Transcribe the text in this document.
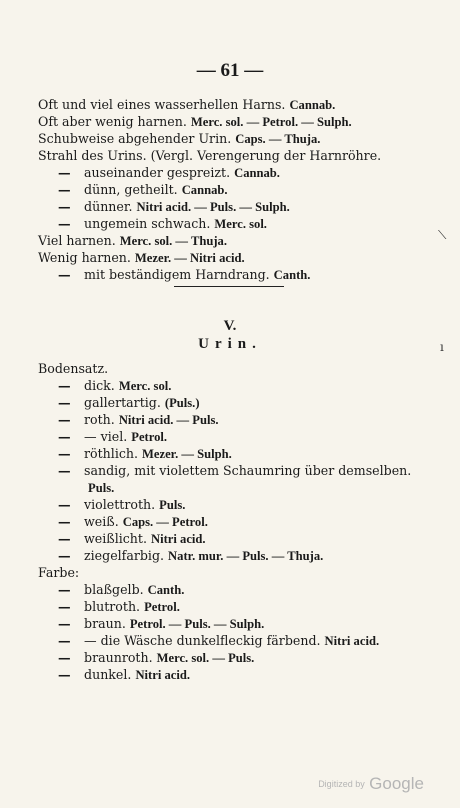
— 61 —
Oft und viel eines wasserhellen Harns. Cannab.
Oft aber wenig harnen. Merc. sol. — Petrol. — Sulph.
Schubweise abgehender Urin. Caps. — Thuja.
Strahl des Urins. (Vergl. Verengerung der Harnröhre.
— auseinander gespreizt. Cannab.
— dünn, getheilt. Cannab.
— dünner. Nitri acid. — Puls. — Sulph.
— ungemein schwach. Merc. sol.
Viel harnen. Merc. sol. — Thuja.
Wenig harnen. Mezer. — Nitri acid.
— mit beständigem Harndrang. Canth.
V.
Urin.
Bodensatz.
— dick. Merc. sol.
— gallertartig. (Puls.)
— roth. Nitri acid. — Puls.
— — viel. Petrol.
— röthlich. Mezer. — Sulph.
— sandig, mit violettem Schaumring über demselben.
Puls.
— violettroth. Puls.
— weiß. Caps. — Petrol.
— weißlicht. Nitri acid.
— ziegelfarbig. Natr. mur. — Puls. — Thuja.
Farbe:
— blaßgelb. Canth.
— blutroth. Petrol.
— braun. Petrol. — Puls. — Sulph.
— — die Wäsche dunkelfleckig färbend. Nitri acid.
— braunroth. Merc. sol. — Puls.
— dunkel. Nitri acid.
⟍
ı
Digitized by Google
